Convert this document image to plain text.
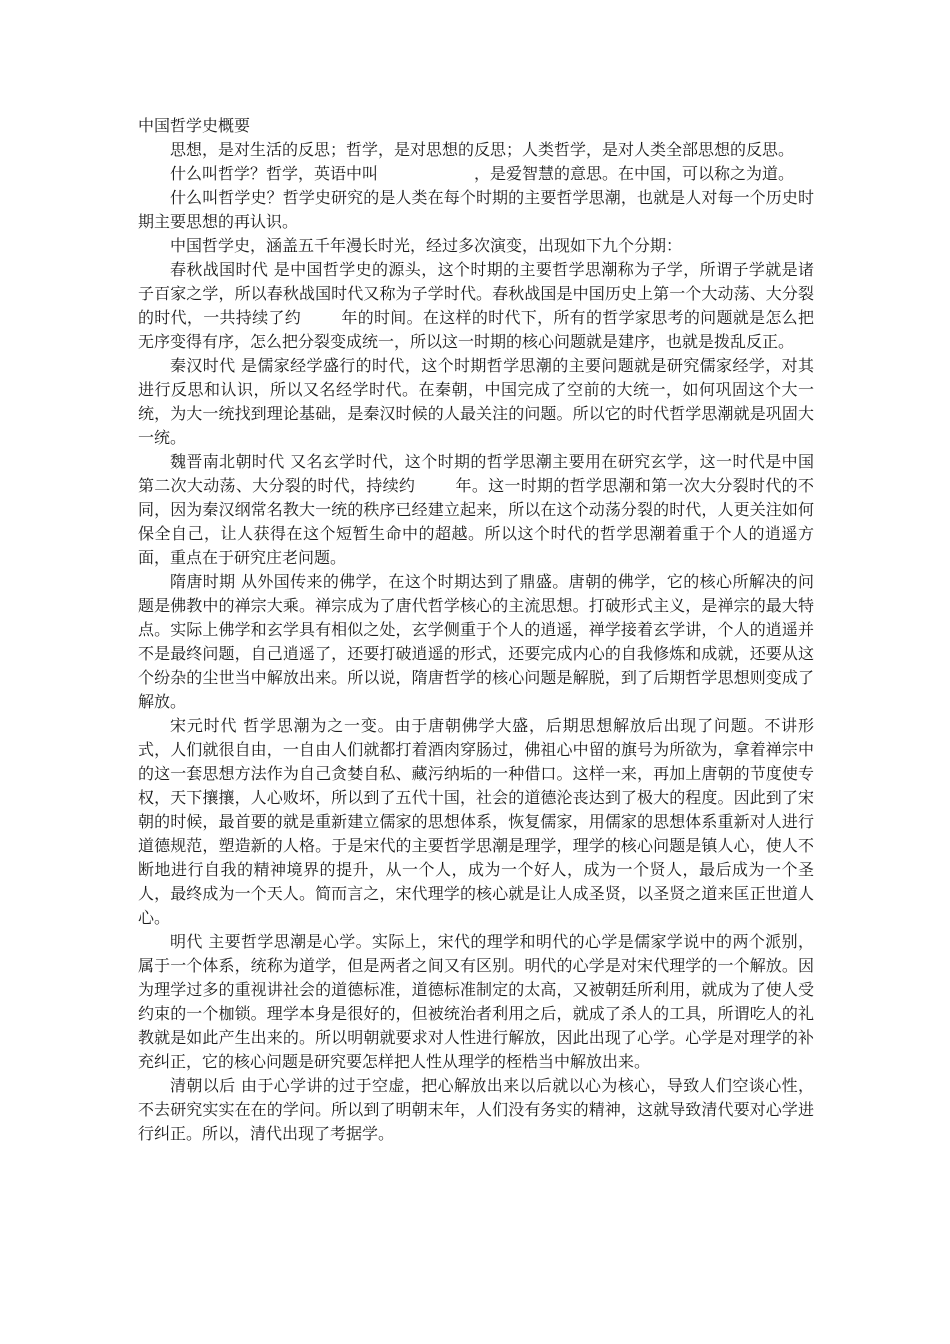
中国哲学史概要

思想，是对生活的反思；哲学，是对思想的反思；人类哲学，是对人类全部思想的反思。

什么叫哲学？哲学，英语中叫	，是爱智慧的意思。在中国，可以称之为道。

什么叫哲学史？哲学史研究的是人类在每个时期的主要哲学思潮，也就是人对每一个历史时期主要思想的再认识。

中国哲学史，涵盖五千年漫长时光，经过多次演变，出现如下九个分期：

春秋战国时代 是中国哲学史的源头，这个时期的主要哲学思潮称为子学，所谓子学就是诸子百家之学，所以春秋战国时代又称为子学时代。春秋战国是中国历史上第一个大动荡、大分裂的时代，一共持续了约	年的时间。在这样的时代下，所有的哲学家思考的问题就是怎么把无序变得有序，怎么把分裂变成统一，所以这一时期的核心问题就是建序，也就是拨乱反正。

秦汉时代 是儒家经学盛行的时代，这个时期哲学思潮的主要问题就是研究儒家经学，对其进行反思和认识，所以又名经学时代。在秦朝，中国完成了空前的大统一，如何巩固这个大一统，为大一统找到理论基础，是秦汉时候的人最关注的问题。所以它的时代哲学思潮就是巩固大一统。

魏晋南北朝时代 又名玄学时代，这个时期的哲学思潮主要用在研究玄学，这一时代是中国第二次大动荡、大分裂的时代，持续约	年。这一时期的哲学思潮和第一次大分裂时代的不同，因为秦汉纲常名教大一统的秩序已经建立起来，所以在这个动荡分裂的时代，人更关注如何保全自己，让人获得在这个短暂生命中的超越。所以这个时代的哲学思潮着重于个人的逍遥方面，重点在于研究庄老问题。

隋唐时期 从外国传来的佛学，在这个时期达到了鼎盛。唐朝的佛学，它的核心所解决的问题是佛教中的禅宗大乘。禅宗成为了唐代哲学核心的主流思想。打破形式主义，是禅宗的最大特点。实际上佛学和玄学具有相似之处，玄学侧重于个人的逍遥，禅学接着玄学讲，个人的逍遥并不是最终问题，自己逍遥了，还要打破逍遥的形式，还要完成内心的自我修炼和成就，还要从这个纷杂的尘世当中解放出来。所以说，隋唐哲学的核心问题是解脱，到了后期哲学思想则变成了解放。

宋元时代 哲学思潮为之一变。由于唐朝佛学大盛，后期思想解放后出现了问题。不讲形式，人们就很自由，一自由人们就都打着酒肉穿肠过，佛祖心中留的旗号为所欲为，拿着禅宗中的这一套思想方法作为自己贪婪自私、藏污纳垢的一种借口。这样一来，再加上唐朝的节度使专权，天下攘攘，人心败坏，所以到了五代十国，社会的道德沦丧达到了极大的程度。因此到了宋朝的时候，最首要的就是重新建立儒家的思想体系，恢复儒家，用儒家的思想体系重新对人进行道德规范，塑造新的人格。于是宋代的主要哲学思潮是理学，理学的核心问题是镇人心，使人不断地进行自我的精神境界的提升，从一个人，成为一个好人，成为一个贤人，最后成为一个圣人，最终成为一个天人。简而言之，宋代理学的核心就是让人成圣贤，以圣贤之道来匡正世道人心。

明代 主要哲学思潮是心学。实际上，宋代的理学和明代的心学是儒家学说中的两个派别，属于一个体系，统称为道学，但是两者之间又有区别。明代的心学是对宋代理学的一个解放。因为理学过多的重视讲社会的道德标准，道德标准制定的太高，又被朝廷所利用，就成为了使人受约束的一个枷锁。理学本身是很好的，但被统治者利用之后，就成了杀人的工具，所谓吃人的礼教就是如此产生出来的。所以明朝就要求对人性进行解放，因此出现了心学。心学是对理学的补充纠正，它的核心问题是研究要怎样把人性从理学的桎梏当中解放出来。

清朝以后 由于心学讲的过于空虚，把心解放出来以后就以心为核心，导致人们空谈心性，不去研究实实在在的学问。所以到了明朝末年，人们没有务实的精神，这就导致清代要对心学进行纠正。所以，清代出现了考据学。
